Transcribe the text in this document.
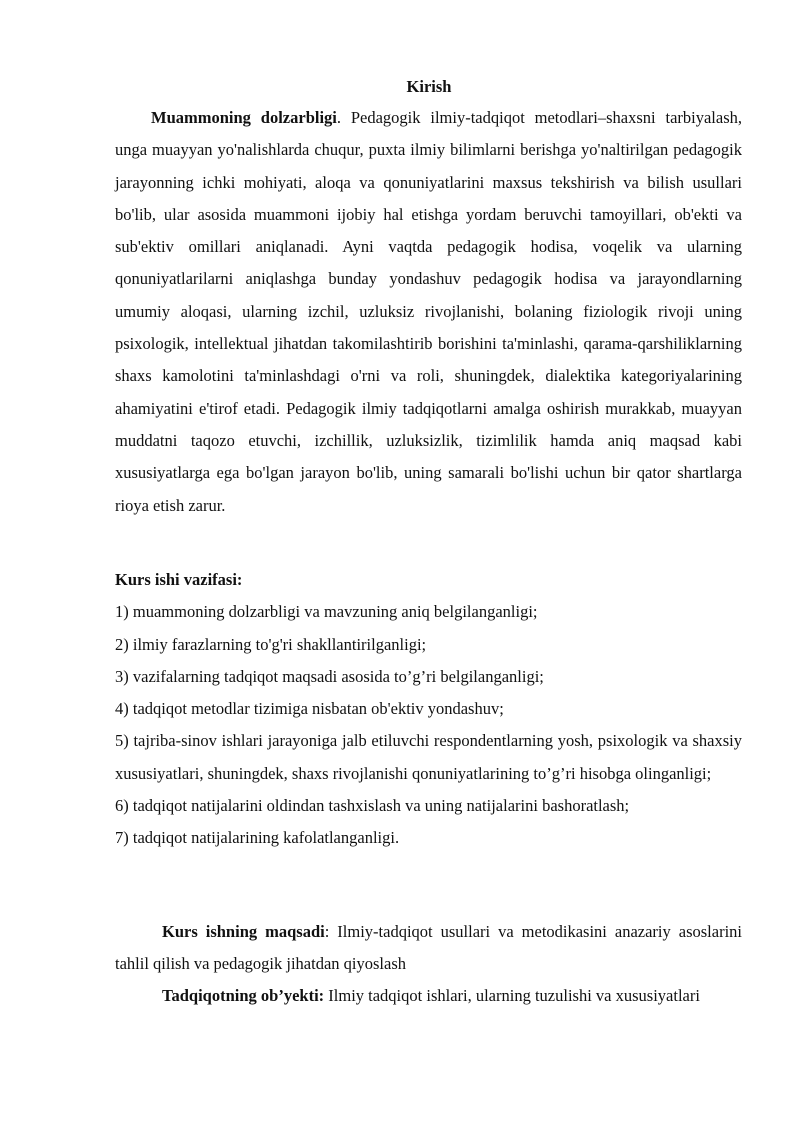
Kirish

Muammoning dolzarbligi. Pedagogik ilmiy-tadqiqot metodlari–shaxsni tarbiyalash, unga muayyan yo'nalishlarda chuqur, puxta ilmiy bilimlarni berishga yo'naltirilgan pedagogik jarayonning ichki mohiyati, aloqa va qonuniyatlarini maxsus tekshirish va bilish usullari bo'lib, ular asosida muammoni ijobiy hal etishga yordam beruvchi tamoyillari, ob'ekti va sub'ektiv omillari aniqlanadi. Ayni vaqtda pedagogik hodisa, voqelik va ularning qonuniyatlarilarni aniqlashga bunday yondashuv pedagogik hodisa va jarayondlarning umumiy aloqasi, ularning izchil, uzluksiz rivojlanishi, bolaning fiziologik rivoji uning psixologik, intellektual jihatdan takomilashtirib borishini ta'minlashi, qarama-qarshiliklarning shaxs kamolotini ta'minlashdagi o'rni va roli, shuningdek, dialektika kategoriyalarining ahamiyatini e'tirof etadi. Pedagogik ilmiy tadqiqotlarni amalga oshirish murakkab, muayyan muddatni taqozo etuvchi, izchillik, uzluksizlik, tizimlilik hamda aniq maqsad kabi xususiyatlarga ega bo'lgan jarayon bo'lib, uning samarali bo'lishi uchun bir qator shartlarga rioya etish zarur.

Kurs ishi vazifasi:
1) muammoning dolzarbligi va mavzuning aniq belgilanganligi;
2) ilmiy farazlarning to'g'ri shakllantirilganligi;
3) vazifalarning tadqiqot maqsadi asosida to’g’ri belgilanganligi;
4) tadqiqot metodlar tizimiga nisbatan ob'ektiv yondashuv;
5) tajriba-sinov ishlari jarayoniga jalb etiluvchi respondentlarning yosh, psixologik va shaxsiy xususiyatlari, shuningdek, shaxs rivojlanishi qonuniyatlarining to’g’ri hisobga olinganligi;
6) tadqiqot natijalarini oldindan tashxislash va uning natijalarini bashoratlash;
7) tadqiqot natijalarining kafolatlanganligi.

Kurs ishning maqsadi: Ilmiy-tadqiqot usullari va metodikasini anazariy asoslarini tahlil qilish va pedagogik jihatdan qiyoslash

Tadqiqotning ob’yekti: Ilmiy tadqiqot ishlari, ularning tuzulishi va xususiyatlari
